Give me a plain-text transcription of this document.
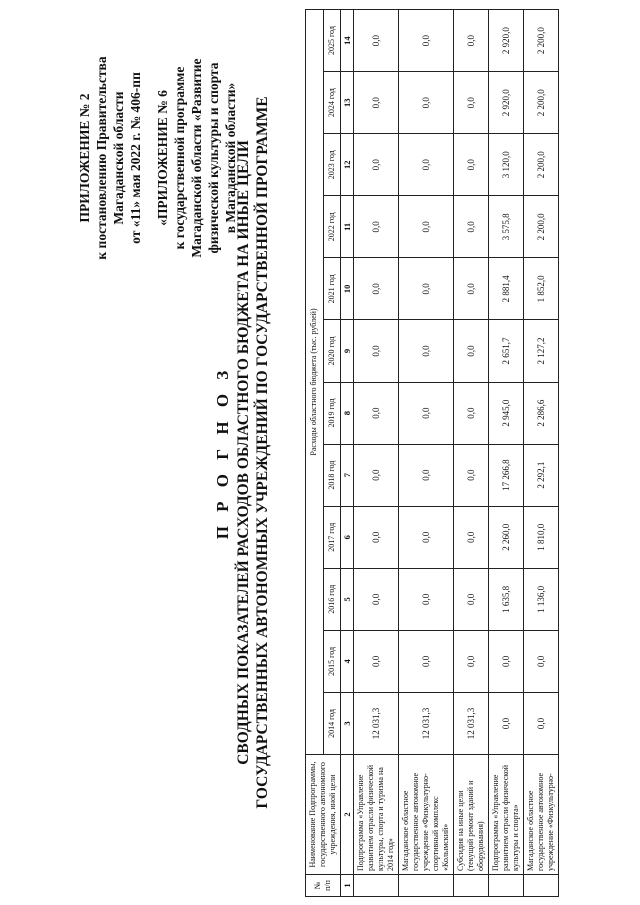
ПРИЛОЖЕНИЕ № 2 к постановлению Правительства Магаданской области от «11» мая 2022 г. № 406-пп «ПРИЛОЖЕНИЕ № 6 к государственной программе Магаданской области «Развитие физической культуры и спорта в Магаданской области»
П Р О Г Н О З СВОДНЫХ ПОКАЗАТЕЛЕЙ РАСХОДОВ ОБЛАСТНОГО БЮДЖЕТА НА ИНЫЕ ЦЕЛИ ГОСУДАРСТВЕННЫХ АВТОНОМНЫХ УЧРЕЖДЕНИЙ ПО ГОСУДАРСТВЕННОЙ ПРОГРАММЕ
№ п/п	Наименование Подпрограммы, государственного автономного учреждения, иной цели	Расходы областного бюджета (тыс. рублей)											
		2014 год	2015 год	2016 год	2017 год	2018 год	2019 год	2020 год	2021 год	2022 год	2023 год	2024 год	2025 год
1	2	3	4	5	6	7	8	9	10	11	12	13	14
	Подпрограмма «Управление развитием отрасли физической культуры, спорта и туризма на 2014 год»	12 031,3	0,0	0,0	0,0	0,0	0,0	0,0	0,0	0,0	0,0	0,0	0,0
	Магаданское областное государственное автономное учреждение «Физкультурно-спортивный комплекс «Колымский»	12 031,3	0,0	0,0	0,0	0,0	0,0	0,0	0,0	0,0	0,0	0,0	0,0
	Субсидия на иные цели (текущий ремонт зданий и оборудования)	12 031,3	0,0	0,0	0,0	0,0	0,0	0,0	0,0	0,0	0,0	0,0	0,0
	Подпрограмма «Управление развитием отрасли физической культуры и спорта»	0,0	0,0	1 635,8	2 260,0	17 266,8	2 945,0	2 651,7	2 881,4	3 575,8	3 120,0	2 920,0	2 920,0
	Магаданское областное государственное автономное учреждение «Физкультурно-	0,0	0,0	1 136,0	1 810,0	2 292,1	2 286,6	2 127,2	1 852,0	2 200,0	2 200,0	2 200,0	2 200,0
